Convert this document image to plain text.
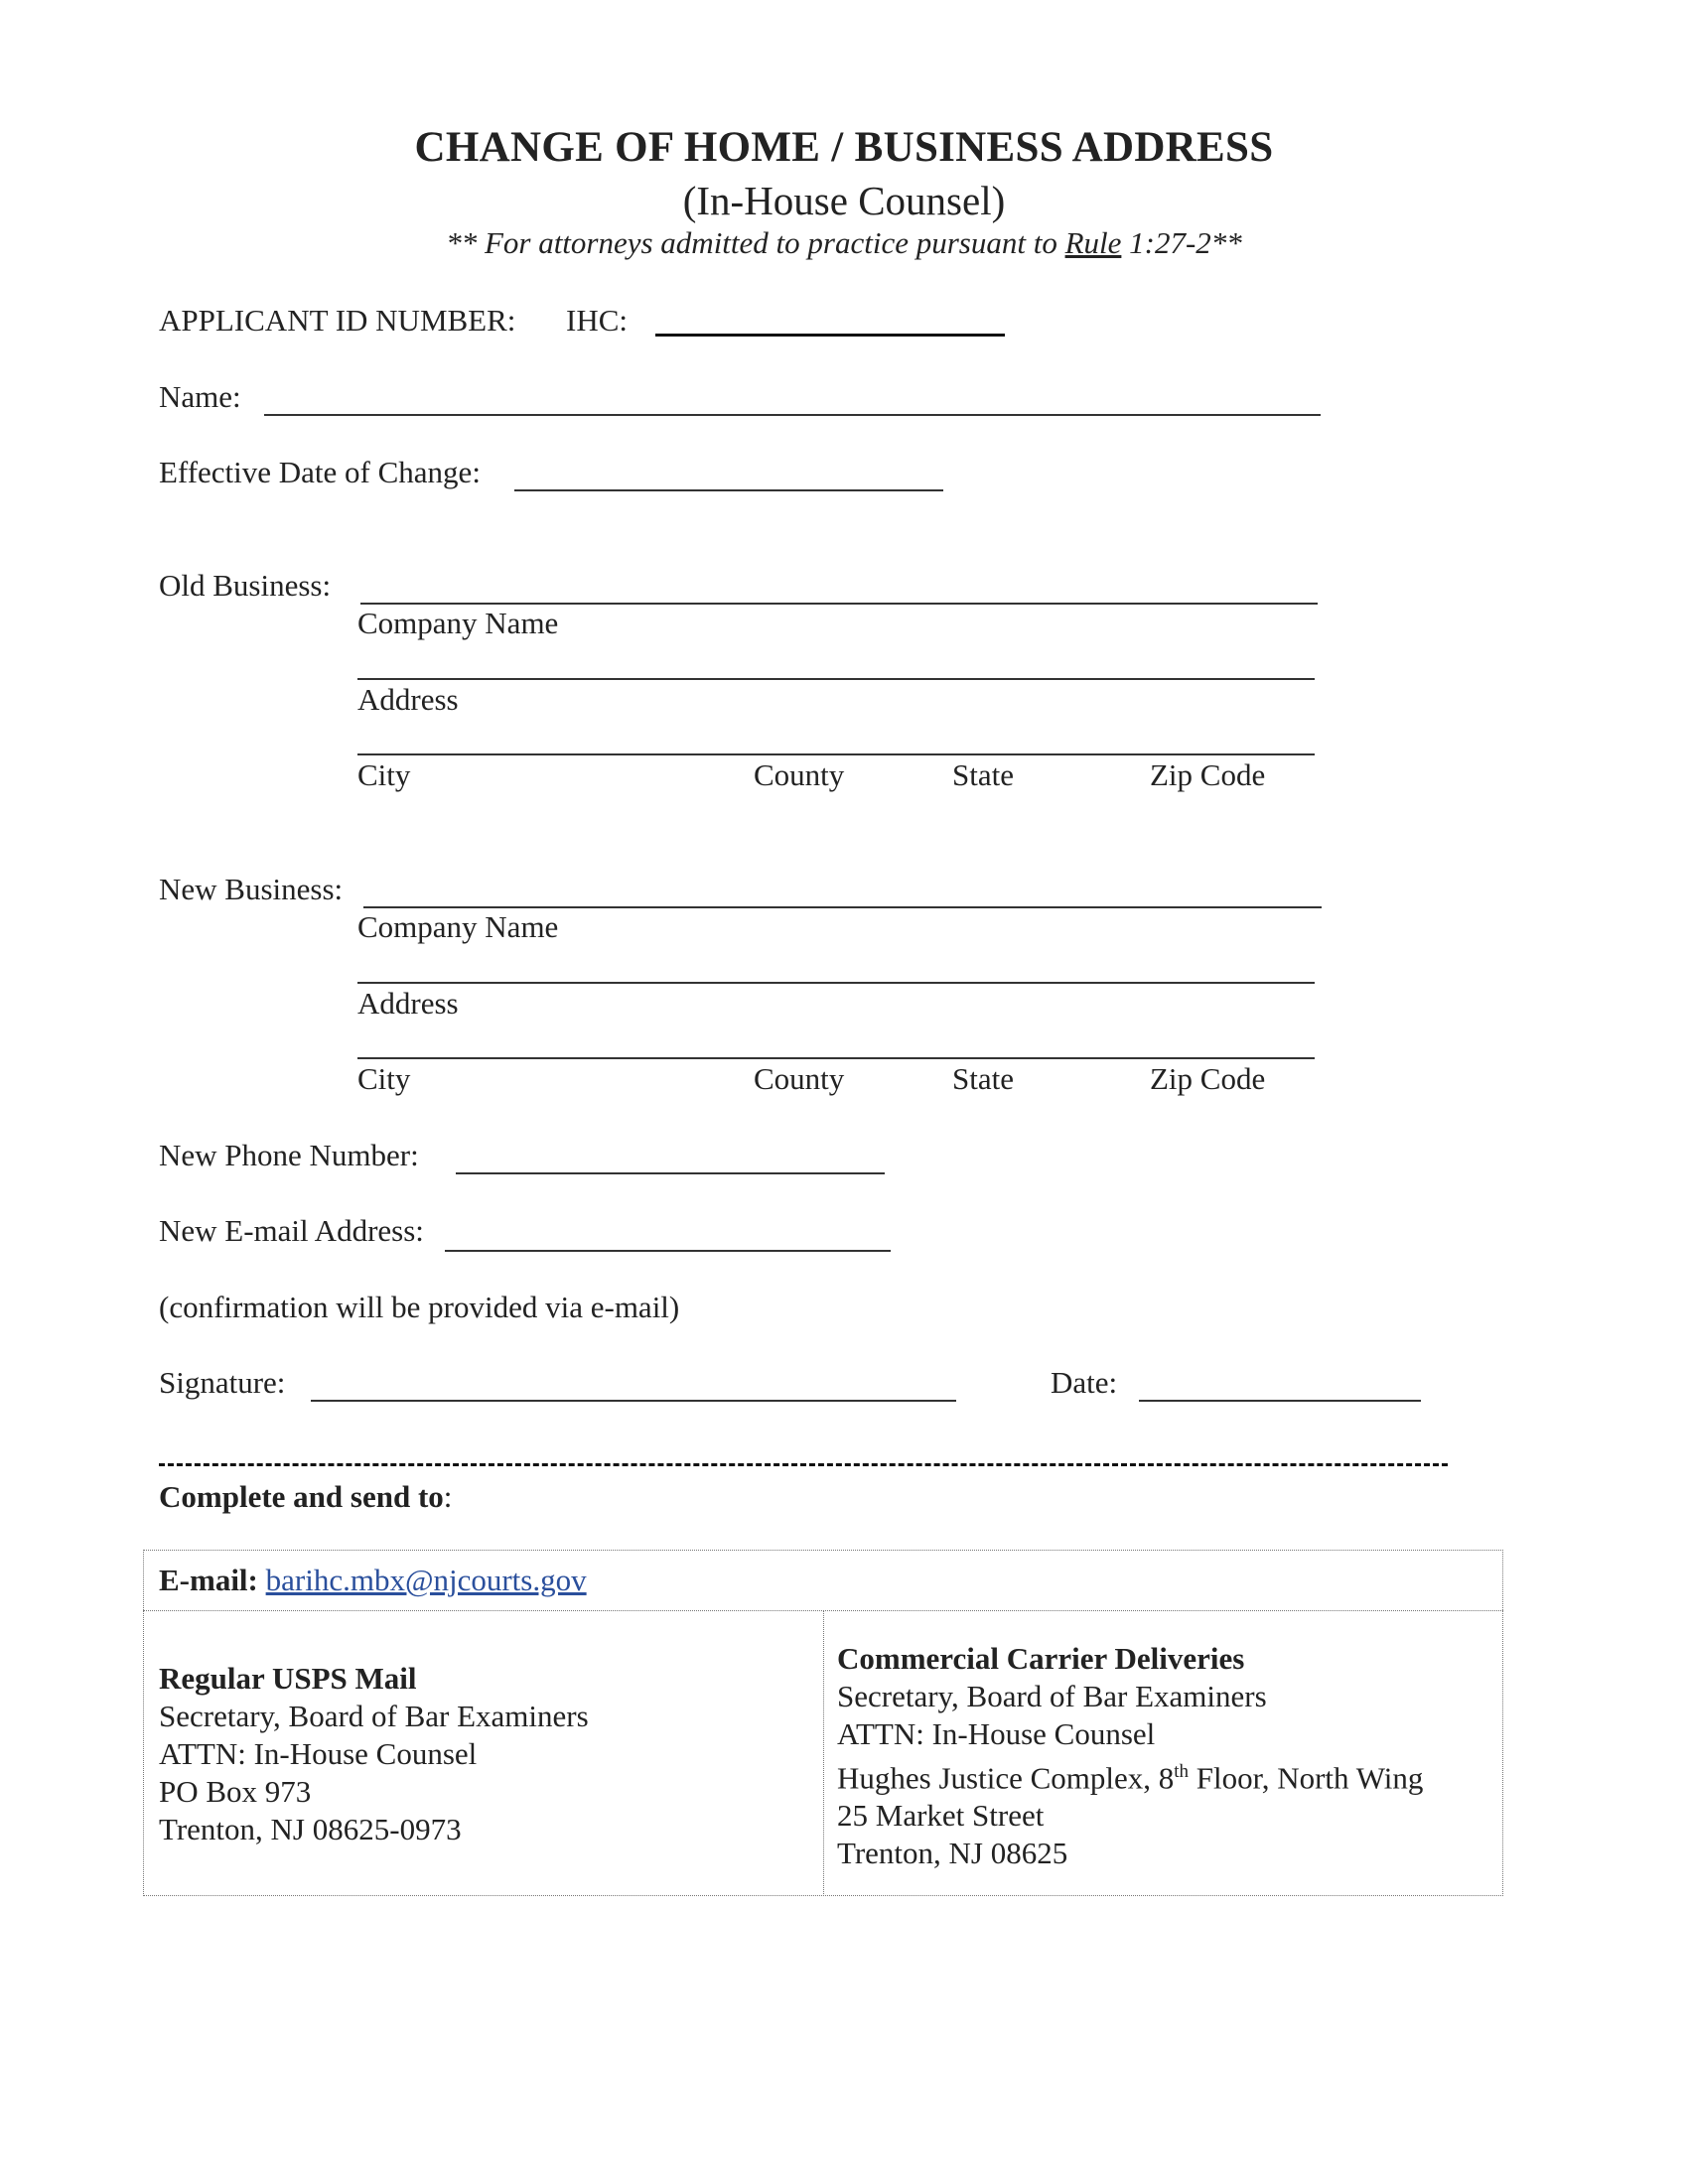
CHANGE OF HOME / BUSINESS ADDRESS
(In-House Counsel)
** For attorneys admitted to practice pursuant to Rule 1:27-2**
APPLICANT ID NUMBER: IHC:
Name:
Effective Date of Change:
Old Business:
Company Name
Address
City	County	State	Zip Code
New Business:
Company Name
Address
City	County	State	Zip Code
New Phone Number:
New E-mail Address:
(confirmation will be provided via e-mail)
Signature:	Date:
Complete and send to:
E-mail: barihc.mbx@njcourts.gov
Regular USPS Mail
Secretary, Board of Bar Examiners
ATTN: In-House Counsel
PO Box 973
Trenton, NJ 08625-0973
Commercial Carrier Deliveries
Secretary, Board of Bar Examiners
ATTN: In-House Counsel
Hughes Justice Complex, 8th Floor, North Wing
25 Market Street
Trenton, NJ 08625
